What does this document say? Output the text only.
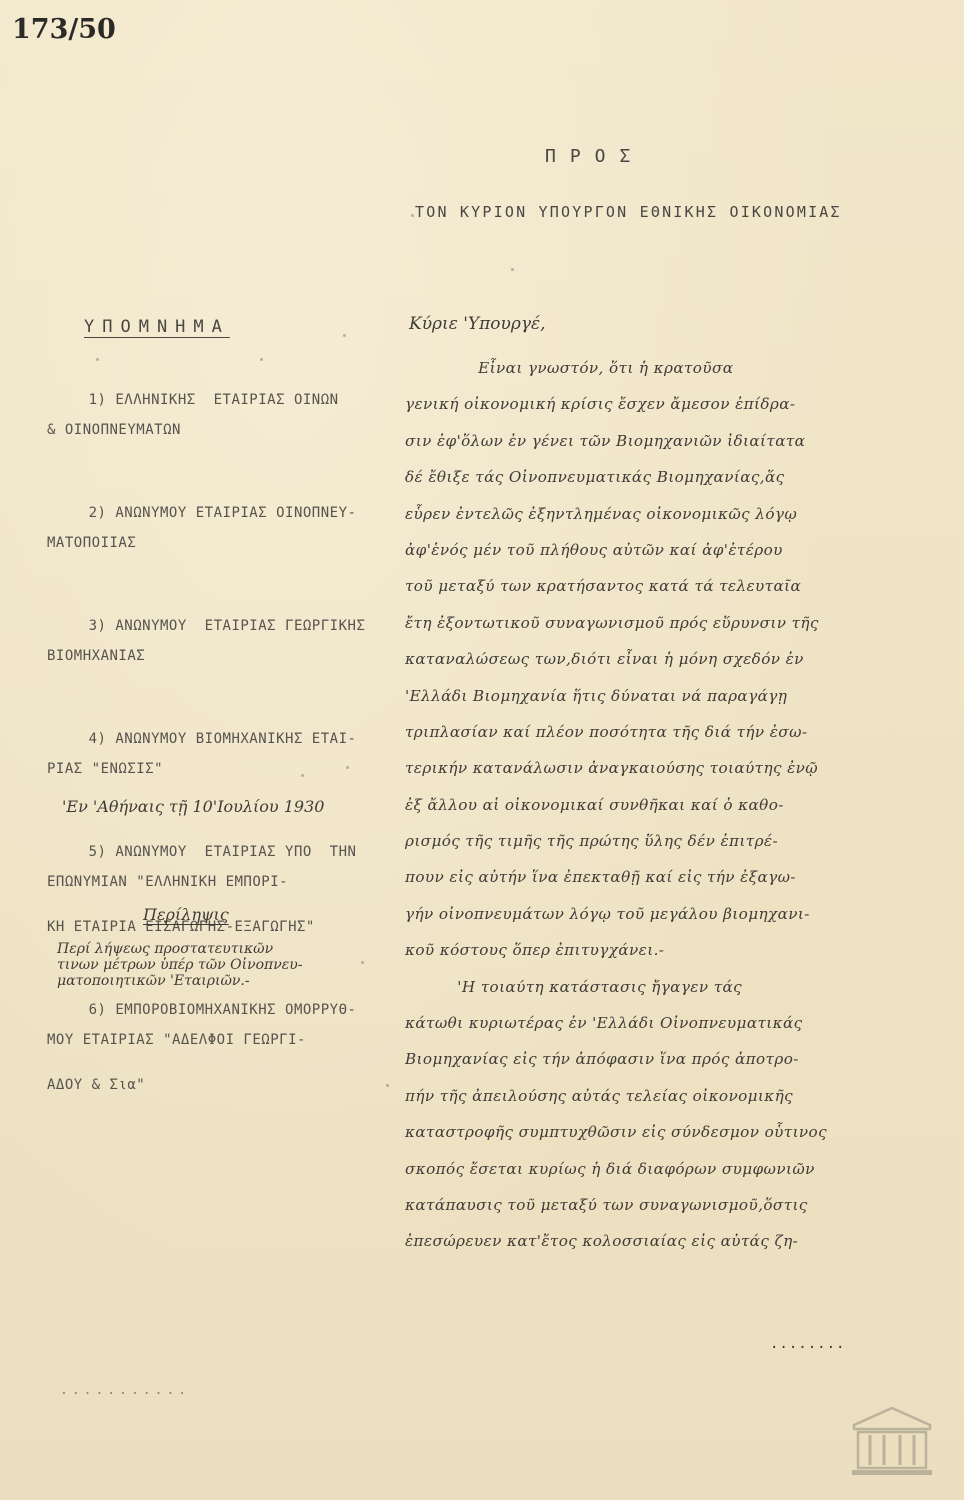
173/50
ΠΡΟΣ
ΤΟΝ ΚΥΡΙΟΝ ΥΠΟΥΡΓΟΝ ΕΘΝΙΚΗΣ ΟΙΚΟΝΟΜΙΑΣ
ΥΠΟΜΝΗΜΑ

1) ΕΛΛΗΝΙΚΗΣ  ΕΤΑΙΡΙΑΣ ΟΙΝΩΝ

& ΟΙΝΟΠΝΕΥΜΑΤΩΝ

2) ΑΝΩΝΥΜΟΥ ΕΤΑΙΡΙΑΣ ΟΙΝΟΠΝΕΥ-

ΜΑΤΟΠΟΙΙΑΣ

3) ΑΝΩΝΥΜΟΥ  ΕΤΑΙΡΙΑΣ ΓΕΩΡΓΙΚΗΣ

ΒΙΟΜΗΧΑΝΙΑΣ

4) ΑΝΩΝΥΜΟΥ ΒΙΟΜΗΧΑΝΙΚΗΣ ΕΤΑΙ-

ΡΙΑΣ "ΕΝΩΣΙΣ"

5) ΑΝΩΝΥΜΟΥ  ΕΤΑΙΡΙΑΣ ΥΠΟ  ΤΗΝ

ΕΠΩΝΥΜΙΑΝ "ΕΛΛΗΝΙΚΗ ΕΜΠΟΡΙ-

ΚΗ ΕΤΑΙΡΙΑ ΕΙΣΑΓΩΓΗΣ-ΕΞΑΓΩΓΗΣ"

6) ΕΜΠΟΡΟΒΙΟΜΗΧΑΝΙΚΗΣ ΟΜΟΡΡΥΘ-

ΜΟΥ ΕΤΑΙΡΙΑΣ "ΑΔΕΛΦΟΙ ΓΕΩΡΓΙ-

ΑΔΟΥ & Σια"

'Εν 'Αθήναις τῇ 10'Ιουλίου 1930
Περίληψις
Περί λήψεως προστατευτικῶν
τινων μέτρων ὑπέρ τῶν Οἰνοπνευ-
ματοποιητικῶν 'Εταιριῶν.-
Κύριε 'Υπουργέ,
Εἶναι γνωστόν, ὅτι ἡ κρατοῦσα
γενική οἰκονομική κρίσις ἔσχεν ἄμεσον ἐπίδρα-
σιν ἐφ'ὅλων ἐν γένει τῶν Βιομηχανιῶν ἰδιαίτατα
δέ ἔθιξε τάς Οἰνοπνευματικάς Βιομηχανίας,ἅς
εὗρεν ἐντελῶς ἐξηντλημένας οἰκονομικῶς λόγῳ
ἀφ'ἑνός μέν τοῦ πλήθους αὐτῶν καί ἀφ'ἑτέρου
τοῦ μεταξύ των κρατήσαντος κατά τά τελευταῖα
ἔτη ἐξοντωτικοῦ συναγωνισμοῦ πρός εὕρυνσιν τῆς
καταναλώσεως των,διότι εἶναι ἡ μόνη σχεδόν ἐν
'Ελλάδι Βιομηχανία ἥτις δύναται νά παραγάγῃ
τριπλασίαν καί πλέον ποσότητα τῆς διά τήν ἐσω-
τερικήν κατανάλωσιν ἀναγκαιούσης τοιαύτης ἐνῷ
ἐξ ἄλλου αἱ οἰκονομικαί συνθῆκαι καί ὁ καθο-
ρισμός τῆς τιμῆς τῆς πρώτης ὕλης δέν ἐπιτρέ-
πουν εἰς αὐτήν ἵνα ἐπεκταθῇ καί εἰς τήν ἐξαγω-
γήν οἰνοπνευμάτων λόγῳ τοῦ μεγάλου βιομηχανι-
κοῦ κόστους ὅπερ ἐπιτυγχάνει.-
'Η τοιαύτη κατάστασις ἤγαγεν τάς
κάτωθι κυριωτέρας ἐν 'Ελλάδι Οἰνοπνευματικάς
Βιομηχανίας εἰς τήν ἀπόφασιν ἵνα πρός ἀποτρο-
πήν τῆς ἀπειλούσης αὐτάς τελείας οἰκονομικῆς
καταστροφῆς συμπτυχθῶσιν εἰς σύνδεσμον οὗτινος
σκοπός ἔσεται κυρίως ἡ διά διαφόρων συμφωνιῶν
κατάπαυσις τοῦ μεταξύ των συναγωνισμοῦ,ὅστις
ἐπεσώρευεν κατ'ἔτος κολοσσιαίας εἰς αὐτάς ζη-
........
...........
